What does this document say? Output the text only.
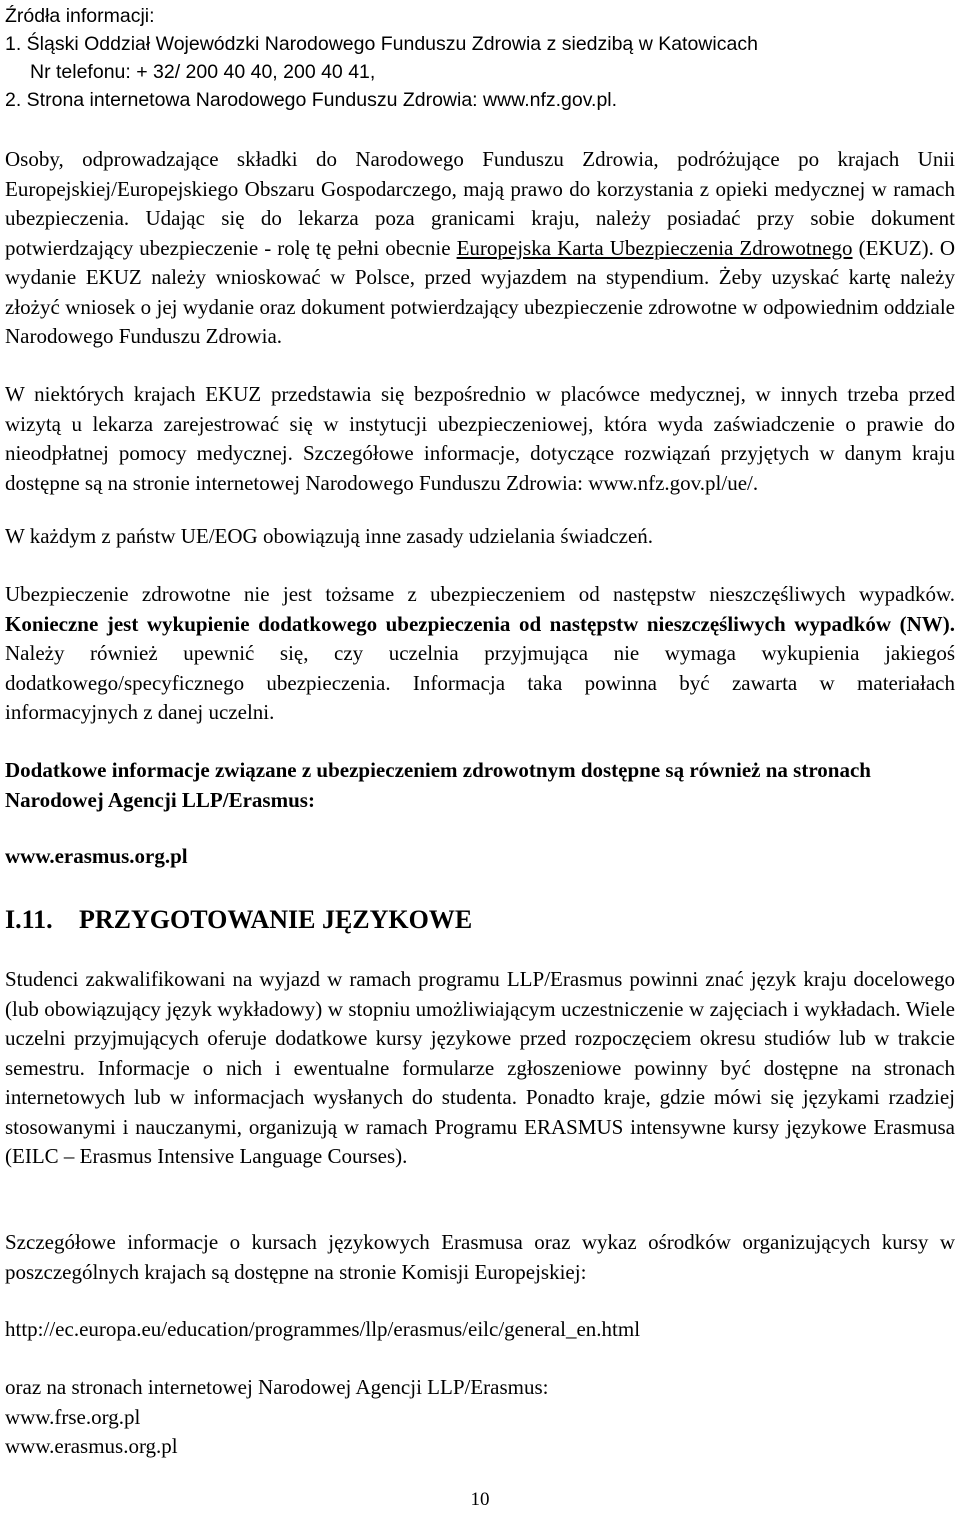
Źródła informacji:
1. Śląski Oddział Wojewódzki Narodowego Funduszu Zdrowia z siedzibą w Katowicach
Nr telefonu: + 32/ 200 40 40, 200 40 41,
2. Strona internetowa Narodowego Funduszu Zdrowia: www.nfz.gov.pl.

Osoby, odprowadzające składki do Narodowego Funduszu Zdrowia, podróżujące po krajach Unii Europejskiej/Europejskiego Obszaru Gospodarczego, mają prawo do korzystania z opieki medycznej w ramach ubezpieczenia. Udając się do lekarza poza granicami kraju, należy posiadać przy sobie dokument potwierdzający ubezpieczenie - rolę tę pełni obecnie Europejska Karta Ubezpieczenia Zdrowotnego (EKUZ). O wydanie EKUZ należy wnioskować w Polsce, przed wyjazdem na stypendium. Żeby uzyskać kartę należy złożyć wniosek o jej wydanie oraz dokument potwierdzający ubezpieczenie zdrowotne w odpowiednim oddziale Narodowego Funduszu Zdrowia.

W niektórych krajach EKUZ przedstawia się bezpośrednio w placówce medycznej, w innych trzeba przed wizytą u lekarza zarejestrować się w instytucji ubezpieczeniowej, która wyda zaświadczenie o prawie do nieodpłatnej pomocy medycznej. Szczegółowe informacje, dotyczące rozwiązań przyjętych w danym kraju dostępne są na stronie internetowej Narodowego Funduszu Zdrowia: www.nfz.gov.pl/ue/.

W każdym z państw UE/EOG obowiązują inne zasady udzielania świadczeń.

Ubezpieczenie zdrowotne nie jest tożsame z ubezpieczeniem od następstw nieszczęśliwych wypadków. Konieczne jest wykupienie dodatkowego ubezpieczenia od następstw nieszczęśliwych wypadków (NW). Należy również upewnić się, czy uczelnia przyjmująca nie wymaga wykupienia jakiegoś dodatkowego/specyficznego ubezpieczenia. Informacja taka powinna być zawarta w materiałach informacyjnych z danej uczelni.

Dodatkowe informacje związane z ubezpieczeniem zdrowotnym dostępne są również na stronach Narodowej Agencji LLP/Erasmus:

www.erasmus.org.pl

I.11. PRZYGOTOWANIE JĘZYKOWE

Studenci zakwalifikowani na wyjazd w ramach programu LLP/Erasmus powinni znać język kraju docelowego (lub obowiązujący język wykładowy) w stopniu umożliwiającym uczestniczenie w zajęciach i wykładach. Wiele uczelni przyjmujących oferuje dodatkowe kursy językowe przed rozpoczęciem okresu studiów lub w trakcie semestru. Informacje o nich i ewentualne formularze zgłoszeniowe powinny być dostępne na stronach internetowych lub w informacjach wysłanych do studenta. Ponadto kraje, gdzie mówi się językami rzadziej stosowanymi i nauczanymi, organizują w ramach Programu ERASMUS intensywne kursy językowe Erasmusa (EILC – Erasmus Intensive Language Courses).

Szczegółowe informacje o kursach językowych Erasmusa oraz wykaz ośrodków organizujących kursy w poszczególnych krajach są dostępne na stronie Komisji Europejskiej:

http://ec.europa.eu/education/programmes/llp/erasmus/eilc/general_en.html

oraz na stronach internetowej Narodowej Agencji LLP/Erasmus:
www.frse.org.pl
www.erasmus.org.pl
10
